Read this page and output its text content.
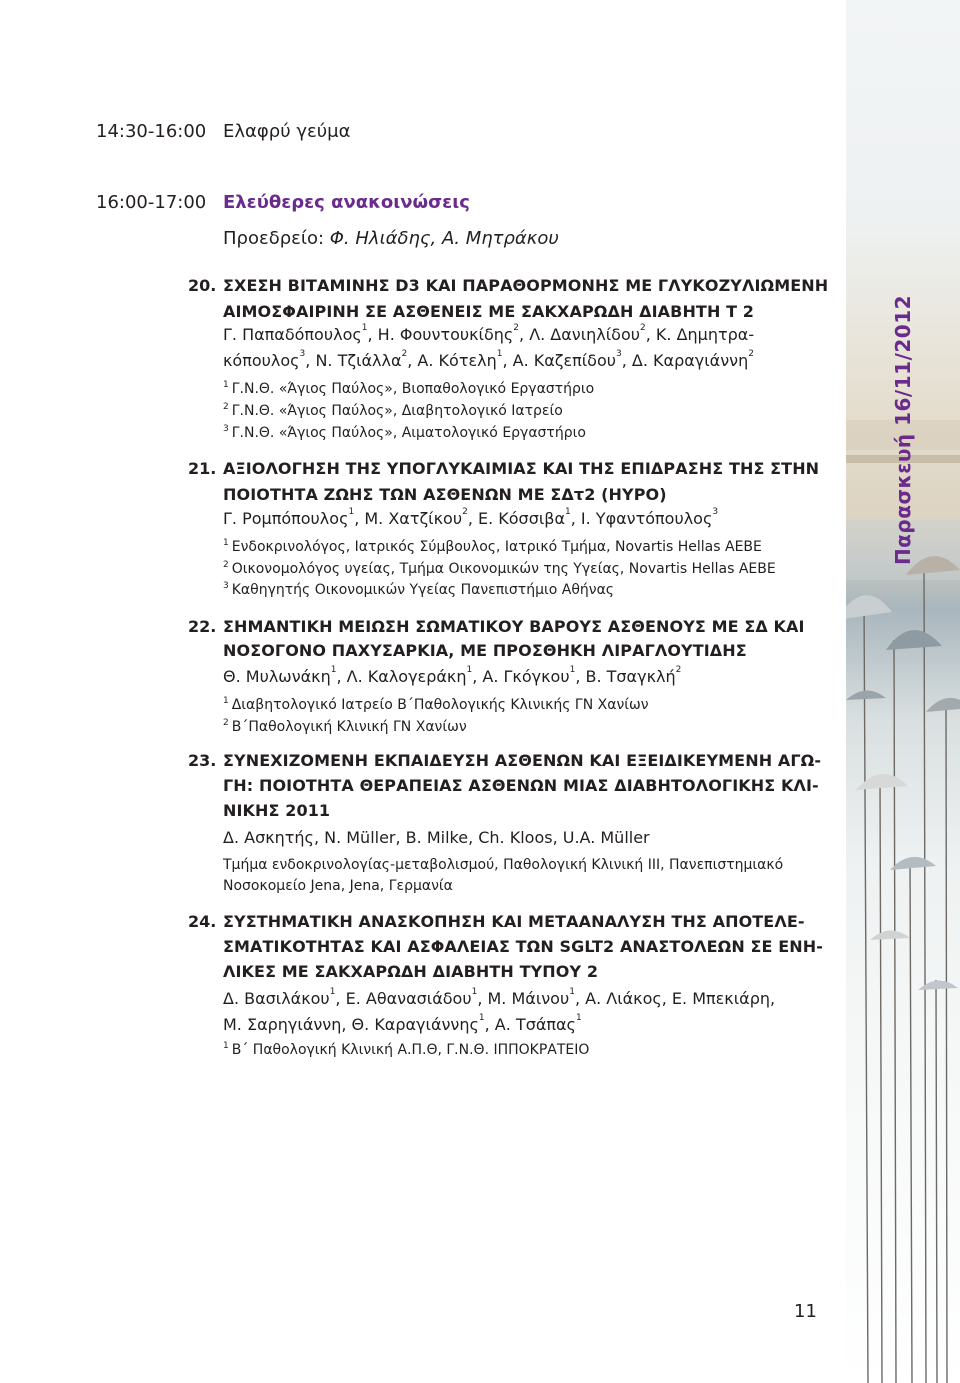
14:30-16:00 Ελαφρύ γεύμα
16:00-17:00 Ελεύθερες ανακοινώσεις
Προεδρείο: Φ. Ηλιάδης, Α. Μητράκου
20. ΣΧΕΣΗ ΒΙΤΑΜΙΝΗΣ D3 ΚΑΙ ΠΑΡΑΘΟΡΜΟΝΗΣ ΜΕ ΓΛΥΚΟΖΥΛΙΩΜΕΝΗ
ΑΙΜΟΣΦΑΙΡΙΝΗ ΣΕ ΑΣΘΕΝΕΙΣ ΜΕ ΣΑΚΧΑΡΩΔΗ ΔΙΑΒΗΤΗ Τ 2
Γ. Παπαδόπουλος$^1$, Η. Φουντουκίδης$^2$, Λ. Δανιηλίδου$^2$, Κ. Δημητρα-
κόπουλος$^3$, Ν. Τζιάλλα$^2$, Α. Κότελη$^1$, Α. Καζεπίδου$^3$, Δ. Καραγιάννη$^2$
1 Γ.Ν.Θ. «Άγιος Παύλος», Βιοπαθολογικό Εργαστήριο
2 Γ.Ν.Θ. «Άγιος Παύλος», Διαβητολογικό Ιατρείο
3 Γ.Ν.Θ. «Άγιος Παύλος», Αιματολογικό Εργαστήριο
21. ΑΞΙΟΛΟΓΗΣΗ ΤΗΣ ΥΠΟΓΛΥΚΑΙΜΙΑΣ ΚΑΙ ΤΗΣ ΕΠΙΔΡΑΣΗΣ ΤΗΣ ΣΤΗΝ
ΠΟΙΟΤΗΤΑ ΖΩΗΣ ΤΩΝ ΑΣΘΕΝΩΝ ΜΕ ΣΔτ2 (HYPO)
Γ. Ρομπόπουλος$^1$, Μ. Χατζίκου$^2$, Ε. Κόσσιβα$^1$, Ι. Υφαντόπουλος$^3$
1 Ενδοκρινολόγος, Ιατρικός Σύμβουλος, Ιατρικό Τμήμα, Novartis Hellas ΑΕΒΕ
2 Οικονομολόγος υγείας, Τμήμα Οικονομικών της Υγείας, Novartis Hellas ΑΕΒΕ
3 Καθηγητής Οικονομικών Υγείας Πανεπιστήμιο Αθήνας
22. ΣΗΜΑΝΤΙΚΗ ΜΕΙΩΣΗ ΣΩΜΑΤΙΚΟΥ ΒΑΡΟΥΣ ΑΣΘΕΝΟΥΣ ΜΕ ΣΔ ΚΑΙ
ΝΟΣΟΓΟΝΟ ΠΑΧΥΣΑΡΚΙΑ, ΜΕ ΠΡΟΣΘΗΚΗ ΛΙΡΑΓΛΟΥΤΙΔΗΣ
Θ. Μυλωνάκη$^1$, Λ. Καλογεράκη$^1$, Α. Γκόγκου$^1$, Β. Τσαγκλή$^2$
1 Διαβητολογικό Ιατρείο Β΄Παθολογικής Κλινικής ΓΝ Χανίων
2 Β΄Παθολογική Κλινική ΓΝ Χανίων
23. ΣΥΝΕΧΙΖΟΜΕΝΗ ΕΚΠΑΙΔΕΥΣΗ ΑΣΘΕΝΩΝ ΚΑΙ ΕΞΕΙΔΙΚΕΥΜΕΝΗ ΑΓΩ-
ΓΗ: ΠΟΙΟΤΗΤΑ ΘΕΡΑΠΕΙΑΣ ΑΣΘΕΝΩΝ ΜΙΑΣ ΔΙΑΒΗΤΟΛΟΓΙΚΗΣ ΚΛΙ-
ΝΙΚΗΣ 2011
Δ. Ασκητής, N. Müller, B. Milke, Ch. Kloos, U.A. Müller
Τμήμα ενδοκρινολογίας-μεταβολισμού, Παθολογική Κλινική III, Πανεπιστημιακό
Νοσοκομείο Jena, Jena, Γερμανία
24. ΣΥΣΤΗΜΑΤΙΚΗ ΑΝΑΣΚΟΠΗΣΗ ΚΑΙ ΜΕΤΑΑΝΑΛΥΣΗ ΤΗΣ ΑΠΟΤΕΛΕ-
ΣΜΑΤΙΚΟΤΗΤΑΣ ΚΑΙ ΑΣΦΑΛΕΙΑΣ ΤΩΝ SGLT2 ΑΝΑΣΤΟΛΕΩΝ ΣΕ ΕΝΗ-
ΛΙΚΕΣ ΜΕ ΣΑΚΧΑΡΩΔΗ ΔΙΑΒΗΤΗ ΤΥΠΟΥ 2
Δ. Βασιλάκου$^1$, Ε. Αθανασιάδου$^1$, Μ. Μάινου$^1$, Α. Λιάκος, Ε. Μπεκιάρη,
Μ. Σαρηγιάννη, Θ. Καραγιάννης$^1$, Α. Τσάπας$^1$
1 Β΄ Παθολογική Κλινική Α.Π.Θ, Γ.Ν.Θ. ΙΠΠΟΚΡΑΤΕΙΟ
Παρασκευή 16/11/2012
11
